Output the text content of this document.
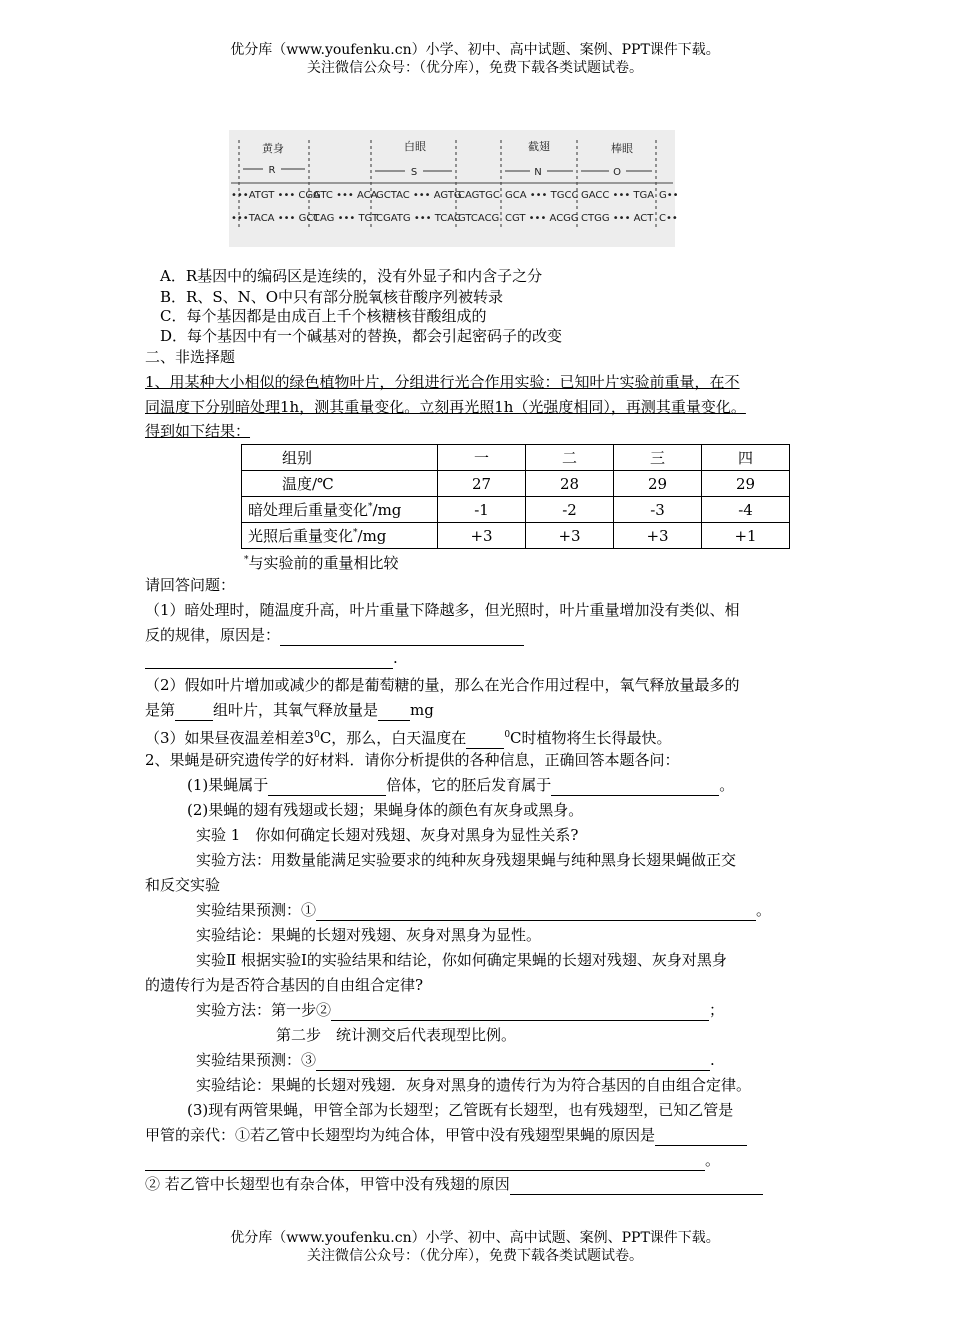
优分库（www.youfenku.cn）小学、初中、高中试题、案例、PPT课件下载。
关注微信公众号：（优分库），免费下载各类试题试卷。
黄身	白眼	截翅	棒眼
R	S	N	O
•••ATGT ••• CGA
GTC ••• ACA
GCTAC ••• AGTG
CAGTGC GCA ••• TGCC GACC ••• TGA G••
•••TACA ••• GCT
CAG ••• TGT
CGATG ••• TCAC
GTCACG CGT ••• ACGG CTGG ••• ACT C••
A．R基因中的编码区是连续的，没有外显子和内含子之分
B．R、S、N、O中只有部分脱氧核苷酸序列被转录
C．每个基因都是由成百上千个核糖核苷酸组成的
D．每个基因中有一个碱基对的替换，都会引起密码子的改变
二、非选择题
1、用某种大小相似的绿色植物叶片，分组进行光合作用实验：已知叶片实验前重量，在不
同温度下分别暗处理1h，测其重量变化。立刻再光照1h（光强度相同），再测其重量变化。
得到如下结果：
组别	一	二	三	四
温度/℃	27	28	29	29
暗处理后重量变化*/mg	-1	-2	-3	-4
光照后重量变化*/mg	+3	+3	+3	+1
*与实验前的重量相比较
请回答问题：
（1）暗处理时，随温度升高，叶片重量下降越多，但光照时，叶片重量增加没有类似、相
反的规律，原因是：
.
（2）假如叶片增加或减少的都是葡萄糖的量，那么在光合作用过程中，氧气释放量最多的
是第	组叶片，其氧气释放量是 mg
（3）如果昼夜温差相差$3^0C$，那么，白天温度在	$^0$C时植物将生长得最快。
2、果蝇是研究遗传学的好材料．请你分析提供的各种信息，正确回答本题各问：
(1)果蝇属于	倍体，它的胚后发育属于	。
(2)果蝇的翅有残翅或长翅；果蝇身体的颜色有灰身或黑身。
实验 1　你如何确定长翅对残翅、灰身对黑身为显性关系?
实验方法：用数量能满足实验要求的纯种灰身残翅果蝇与纯种黑身长翅果蝇做正交
和反交实验
实验结果预测：①	。
实验结论：果蝇的长翅对残翅、灰身对黑身为显性。
实验Ⅱ 根据实验Ⅰ的实验结果和结论，你如何确定果蝇的长翅对残翅、灰身对黑身
的遗传行为是否符合基因的自由组合定律?
实验方法：第一步②	；
第二步　统计测交后代表现型比例。
实验结果预测：③	.
实验结论：果蝇的长翅对残翅．灰身对黑身的遗传行为为符合基因的自由组合定律。
(3)现有两管果蝇，甲管全部为长翅型；乙管既有长翅型，也有残翅型，已知乙管是
甲管的亲代：①若乙管中长翅型均为纯合体，甲管中没有残翅型果蝇的原因是
。
② 若乙管中长翅型也有杂合体，甲管中没有残翅的原因
优分库（www.youfenku.cn）小学、初中、高中试题、案例、PPT课件下载。
关注微信公众号：（优分库），免费下载各类试题试卷。
